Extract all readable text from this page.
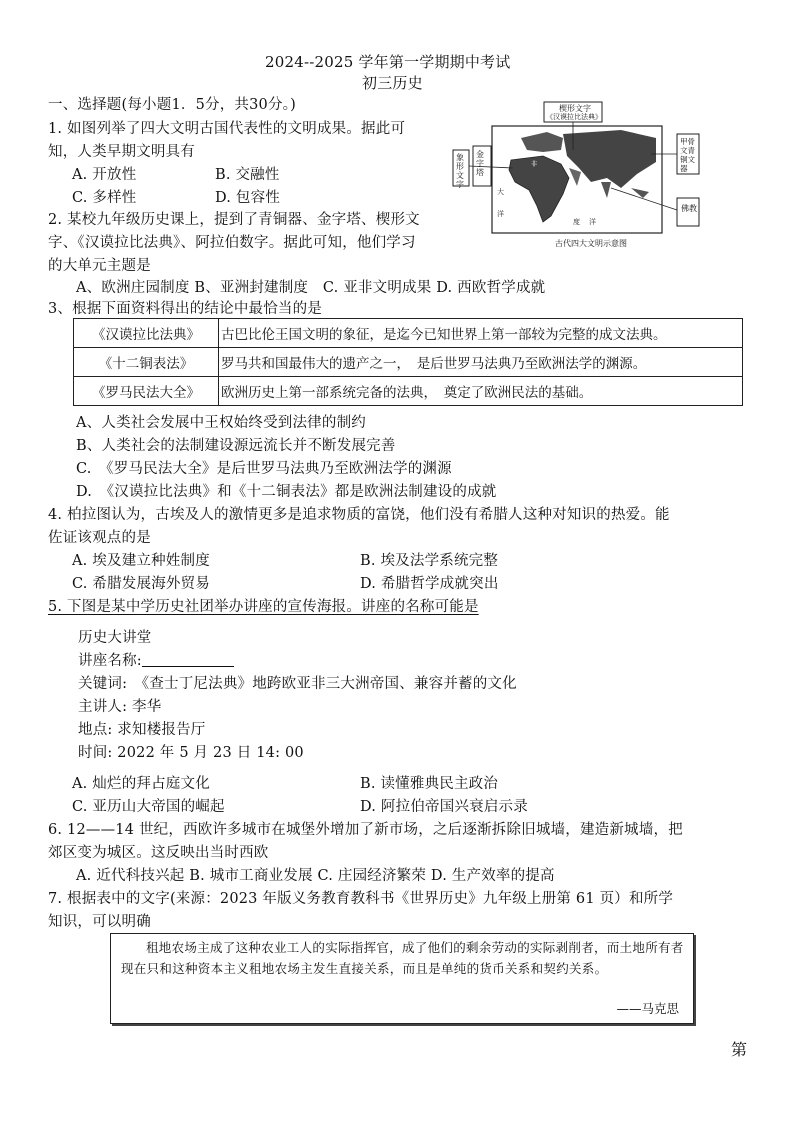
2024--2025 学年第一学期期中考试
初三历史
一、选择题(每小题1．5分，共30分。)
1. 如图列举了四大文明古国代表性的文明成果。据此可
知，人类早期文明具有
A. 开放性	B. 交融性
C. 多样性	D. 包容性	大
洋
度 洋
非
楔形文字
《汉谟拉比法典》
金字塔
象形文字
甲骨文青铜文器
佛教
古代四大文明示意图
2. 某校九年级历史课上，提到了青铜器、金字塔、楔形文
字、《汉谟拉比法典》、阿拉伯数字。据此可知，他们学习
的大单元主题是
A、欧洲庄园制度 B、亚洲封建制度　C. 亚非文明成果 D. 西欧哲学成就
3、根据下面资料得出的结论中最恰当的是
《汉谟拉比法典》	古巴比伦王国文明的象征，是迄今已知世界上第一部较为完整的成文法典。
《十二铜表法》	罗马共和国最伟大的遗产之一，　是后世罗马法典乃至欧洲法学的渊源。
《罗马民法大全》	欧洲历史上第一部系统完备的法典，　奠定了欧洲民法的基础。
A、人类社会发展中王权始终受到法律的制约
B、人类社会的法制建设源远流长并不断发展完善
C.　《罗马民法大全》是后世罗马法典乃至欧洲法学的渊源
D.　《汉谟拉比法典》和《十二铜表法》都是欧洲法制建设的成就
4. 柏拉图认为，古埃及人的激情更多是追求物质的富饶，他们没有希腊人这种对知识的热爱。能
佐证该观点的是
A. 埃及建立种姓制度	B. 埃及法学系统完整
C. 希腊发展海外贸易	D. 希腊哲学成就突出
5. 下图是某中学历史社团举办讲座的宣传海报。讲座的名称可能是
历史大讲堂
讲座名称:
关键词:　《查士丁尼法典》地跨欧亚非三大洲帝国、兼容并蓄的文化
主讲人: 李华
地点: 求知楼报告厅
时间: 2022 年 5 月 23 日 14: 00
A. 灿烂的拜占庭文化	B. 读懂雅典民主政治
C. 亚历山大帝国的崛起	D. 阿拉伯帝国兴衰启示录
6. 12——14 世纪，西欧许多城市在城堡外增加了新市场，之后逐渐拆除旧城墙，建造新城墙，把
郊区变为城区。这反映出当时西欧
A. 近代科技兴起 B. 城市工商业发展 C. 庄园经济繁荣 D. 生产效率的提高
7. 根据表中的文字(来源：2023 年版义务教育教科书《世界历史》九年级上册第 61 页）和所学
知识，可以明确
租地农场主成了这种农业工人的实际指挥官，成了他们的剩余劳动的实际剥削者，而土地所有者现在只和这种资本主义租地农场主发生直接关系，而且是单纯的货币关系和契约关系。
——马克思
第
